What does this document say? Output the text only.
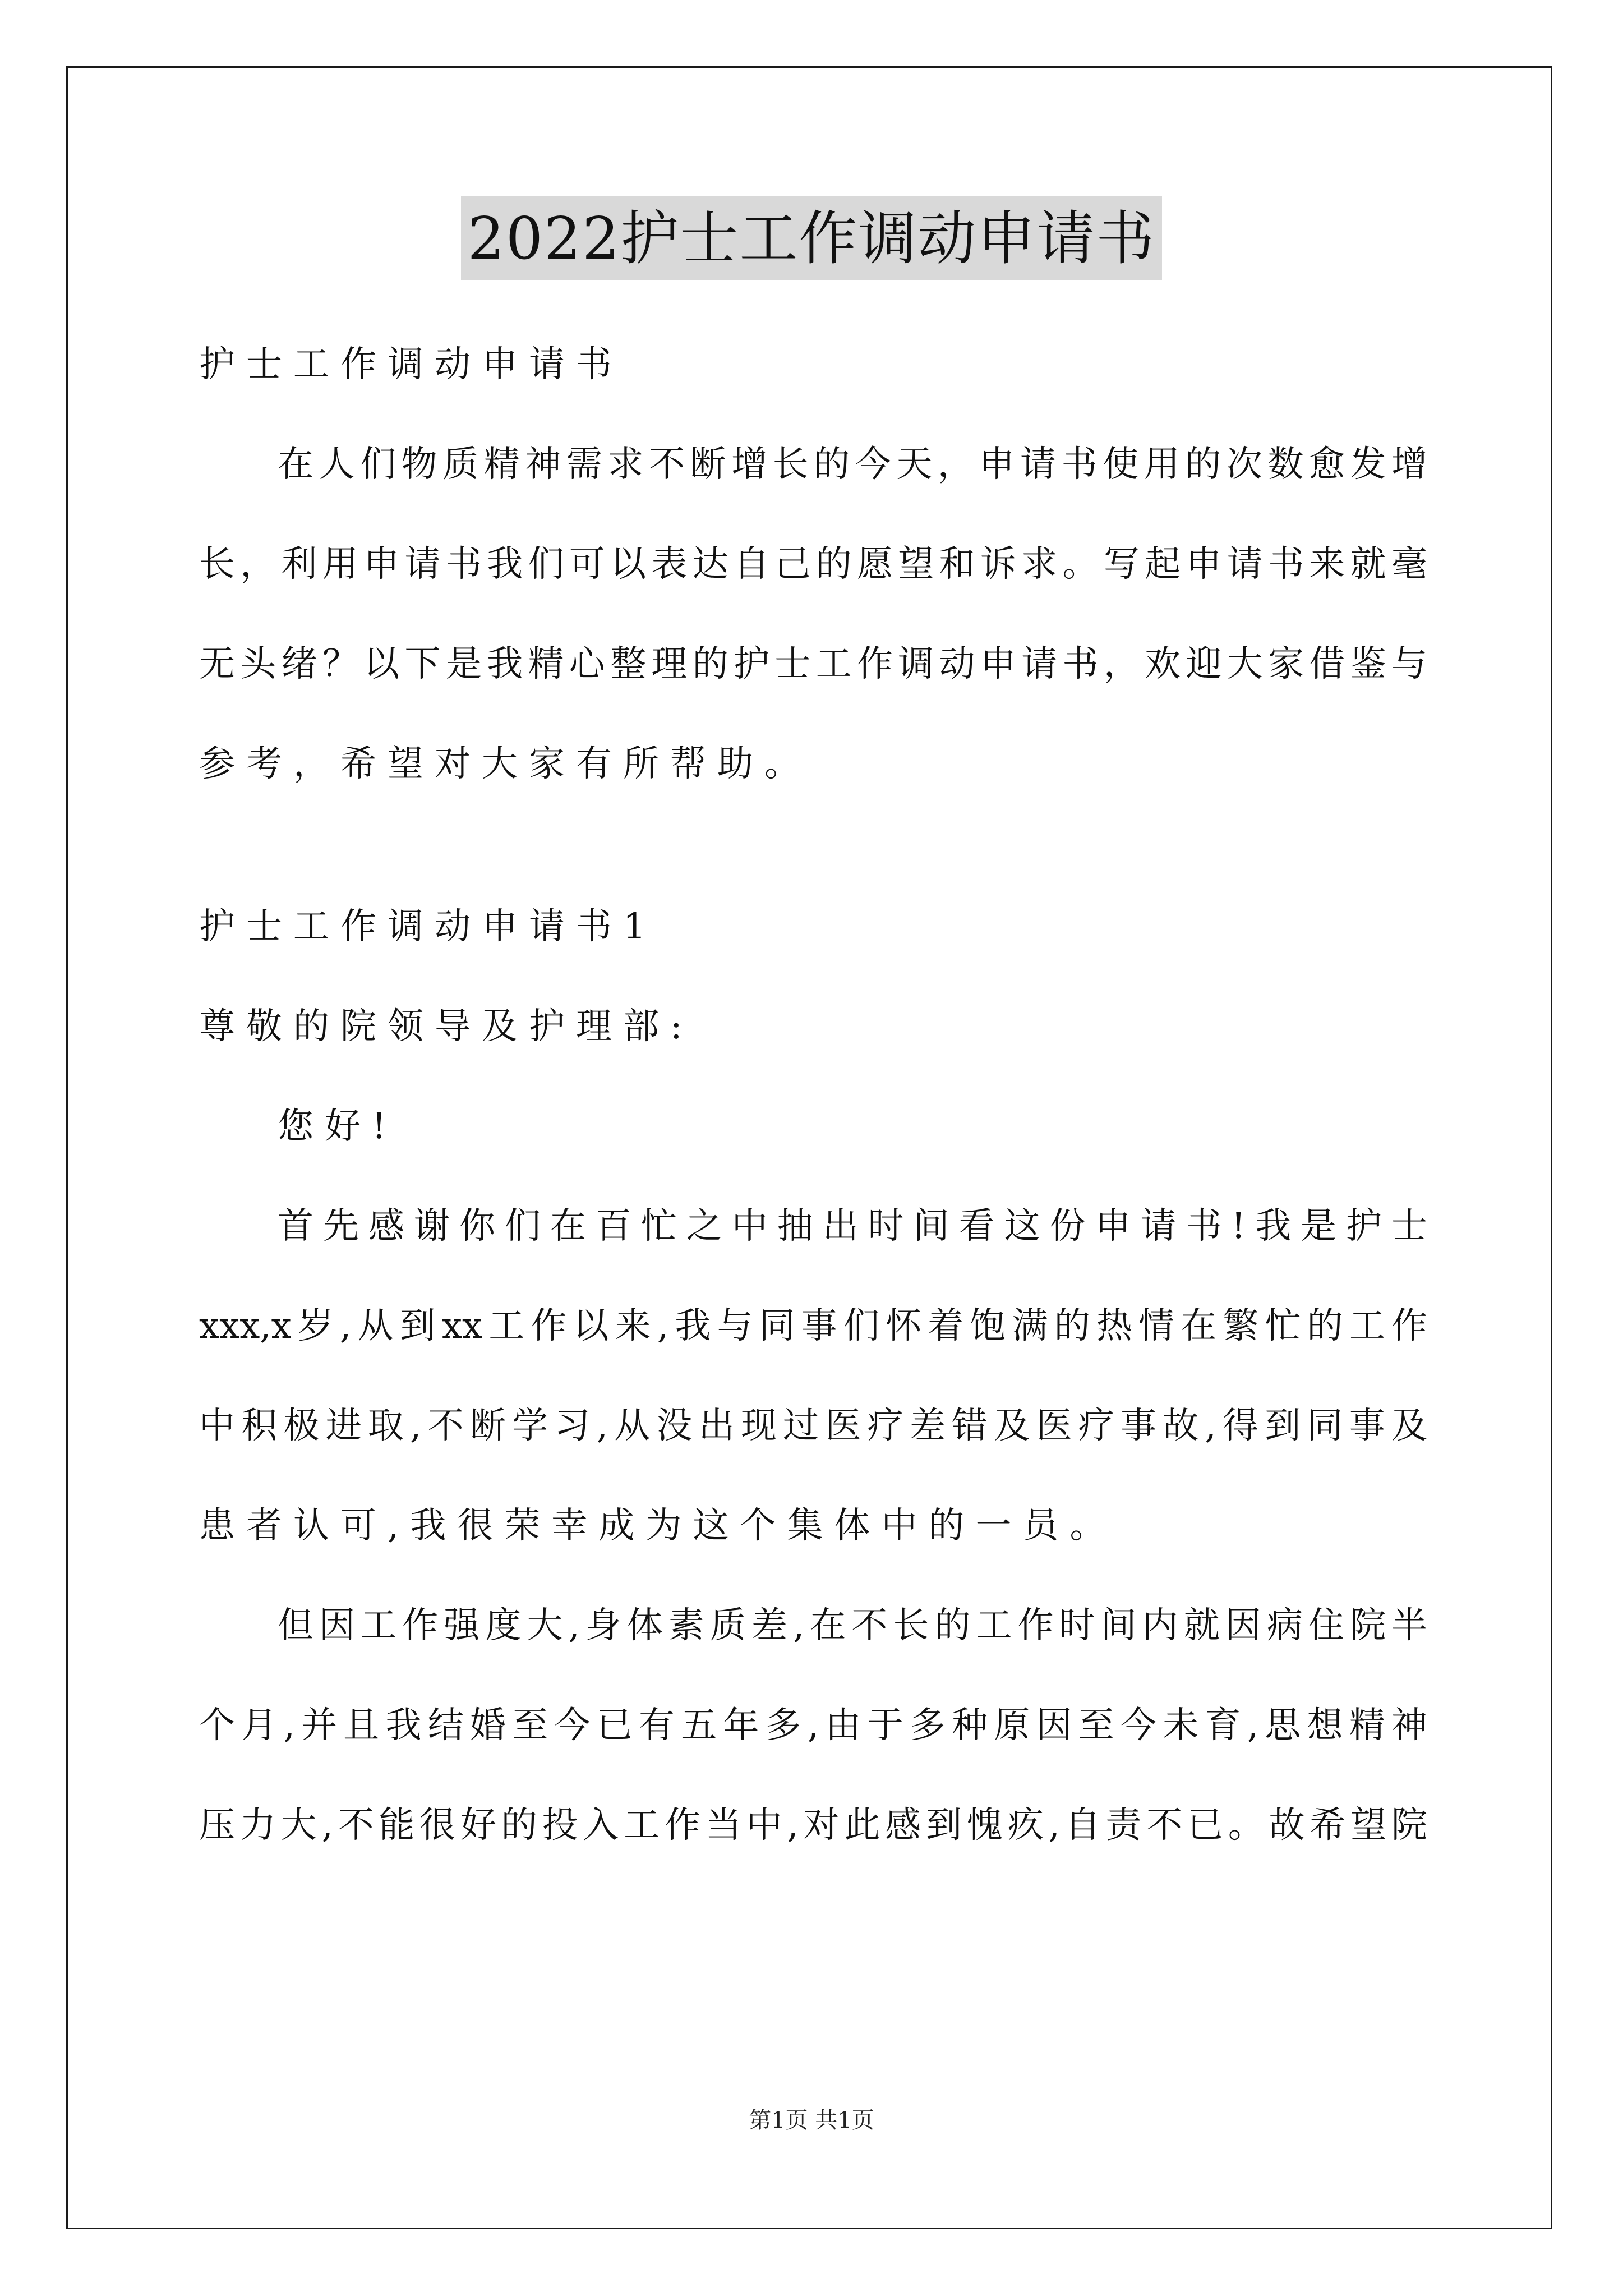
2022护士工作调动申请书

护士工作调动申请书

在人们物质精神需求不断增长的今天，申请书使用的次数愈发增

长，利用申请书我们可以表达自己的愿望和诉求。写起申请书来就毫

无头绪？以下是我精心整理的护士工作调动申请书，欢迎大家借鉴与

参考，希望对大家有所帮助。

护士工作调动申请书1

尊敬的院领导及护理部:

您好!

首先感谢你们在百忙之中抽出时间看这份申请书!我是护士

xxx,x岁,从到xx工作以来,我与同事们怀着饱满的热情在繁忙的工作

中积极进取,不断学习,从没出现过医疗差错及医疗事故,得到同事及

患者认可,我很荣幸成为这个集体中的一员。

但因工作强度大,身体素质差,在不长的工作时间内就因病住院半

个月,并且我结婚至今已有五年多,由于多种原因至今未育,思想精神

压力大,不能很好的投入工作当中,对此感到愧疚,自责不已。故希望院

第1页 共1页
